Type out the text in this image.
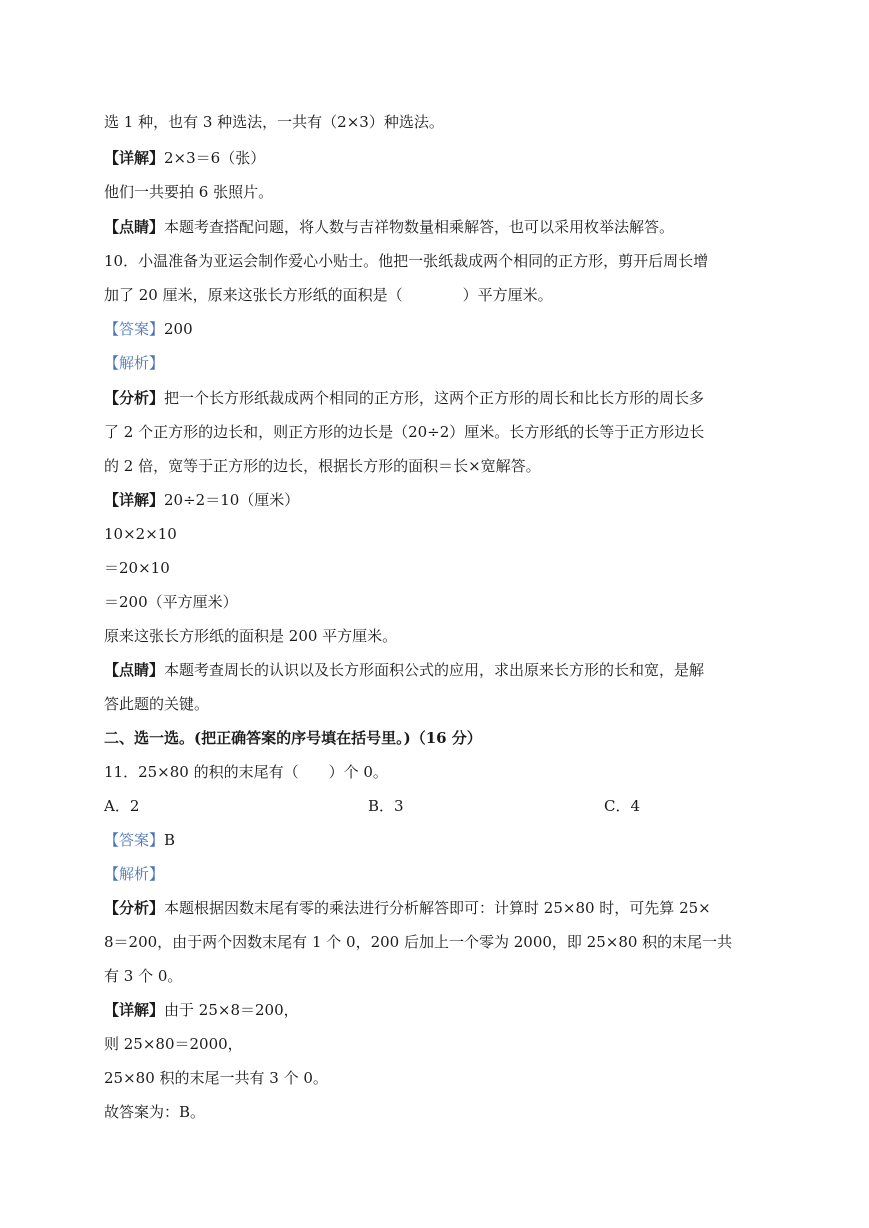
选 1 种，也有 3 种选法，一共有（2×3）种选法。
【详解】2×3＝6（张）
他们一共要拍 6 张照片。
【点睛】本题考查搭配问题，将人数与吉祥物数量相乘解答，也可以采用枚举法解答。
10．小温准备为亚运会制作爱心小贴士。他把一张纸裁成两个相同的正方形，剪开后周长增
加了 20 厘米，原来这张长方形纸的面积是（　　　　）平方厘米。
【答案】200
【解析】
【分析】把一个长方形纸裁成两个相同的正方形，这两个正方形的周长和比长方形的周长多
了 2 个正方形的边长和，则正方形的边长是（20÷2）厘米。长方形纸的长等于正方形边长
的 2 倍，宽等于正方形的边长，根据长方形的面积＝长×宽解答。
【详解】20÷2＝10（厘米）
10×2×10
＝20×10
＝200（平方厘米）
原来这张长方形纸的面积是 200 平方厘米。
【点睛】本题考查周长的认识以及长方形面积公式的应用，求出原来长方形的长和宽，是解
答此题的关键。
二、选一选。(把正确答案的序号填在括号里。)（16 分）
11．25×80 的积的末尾有（　　）个 0。
A．2	B．3	C．4
【答案】B
【解析】
【分析】本题根据因数末尾有零的乘法进行分析解答即可：计算时 25×80 时，可先算 25×
8＝200，由于两个因数末尾有 1 个 0，200 后加上一个零为 2000，即 25×80 积的末尾一共
有 3 个 0。
【详解】由于 25×8＝200，
则 25×80＝2000，
25×80 积的末尾一共有 3 个 0。
故答案为：B。
